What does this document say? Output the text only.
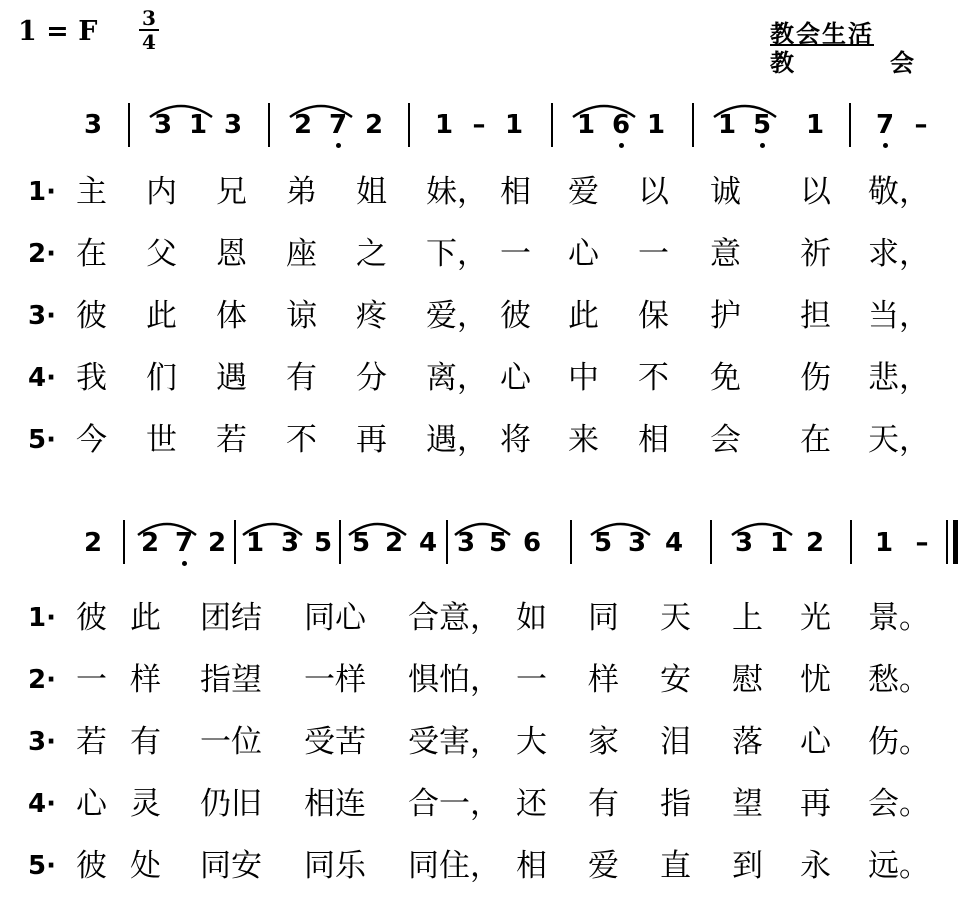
1 = F	3
4	教会生活
教	会
3 3 1 3 2 7 2 1 – 1 1 6 1 1 5 1 7 –
1· 主 内 兄 弟 姐 妹， 相 爱 以 诚 以 敬，
2· 在 父 恩 座 之 下， 一 心 一 意 祈 求，
3· 彼 此 体 谅 疼 爱， 彼 此 保 护 担 当，
4· 我 们 遇 有 分 离， 心 中 不 免 伤 悲，
5· 今 世 若 不 再 遇， 将 来 相 会 在 天，
2 2 7 2 1 3 5 5 2 4 3 5 6 5 3 4 3 1 2 1 –
1· 彼 此 团结 同心 合意， 如 同 天 上 光 景。
2· 一 样 指望 一样 惧怕， 一 样 安 慰 忧 愁。
3· 若 有 一位 受苦 受害， 大 家 泪 落 心 伤。
4· 心 灵 仍旧 相连 合一， 还 有 指 望 再 会。
5· 彼 处 同安 同乐 同住， 相 爱 直 到 永 远。
